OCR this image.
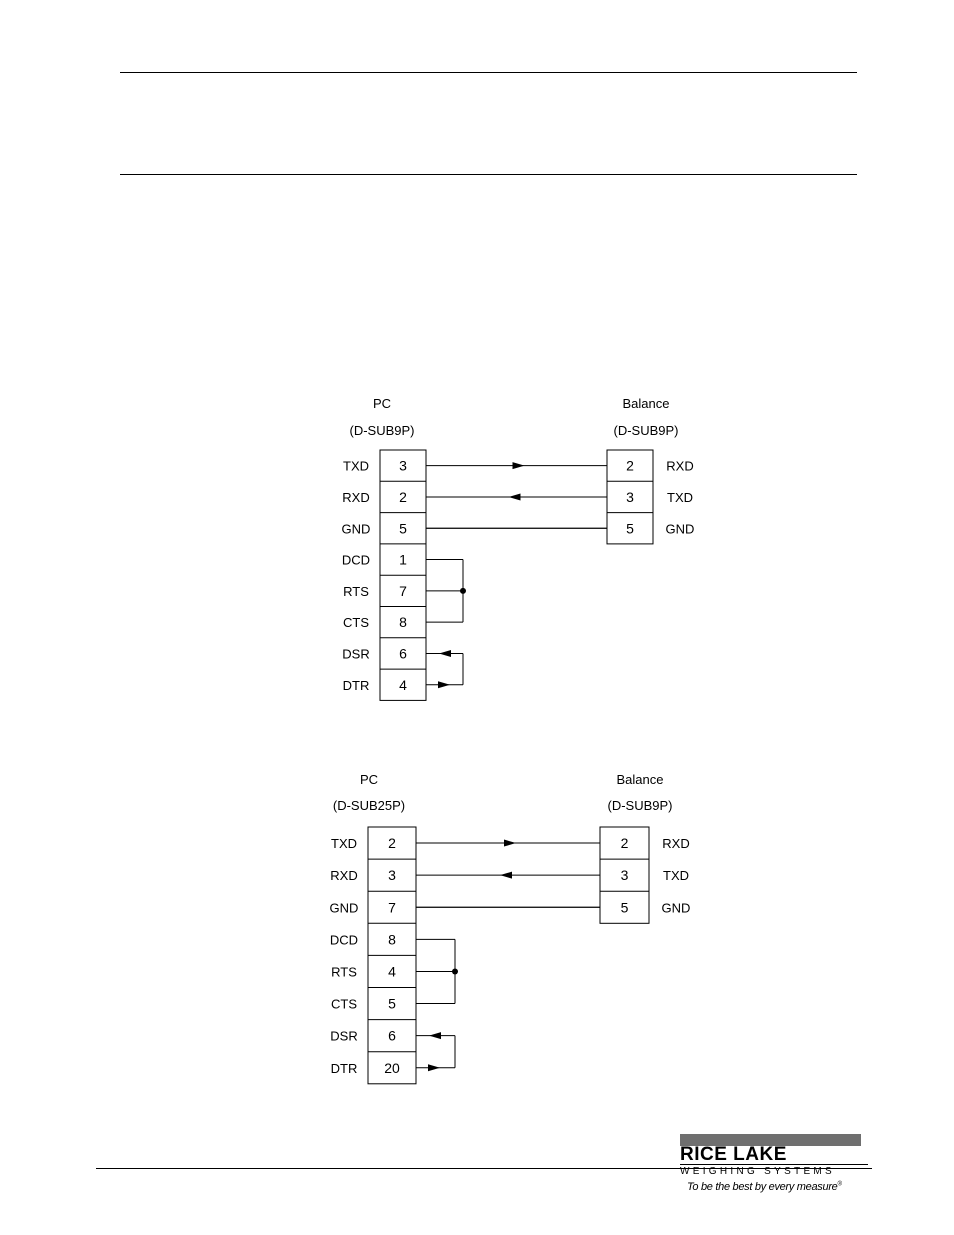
PC
(D-SUB9P)
Balance
(D-SUB9P)
TXD 3
RXD 2
GND 5
DCD 1
RTS 7
CTS 8
DSR 6
DTR 4
2 RXD
3	TXD
5 GND
PC
(D-SUB25P)
Balance
(D-SUB9P)
TXD 2
RXD 3
GND 7
DCD 8
RTS 4
CTS 5
DSR 6
DTR 20
2	RXD
3	TXD
5	GND
RICE LAKE
WEIGHING SYSTEMS
To be the best by every measure®
